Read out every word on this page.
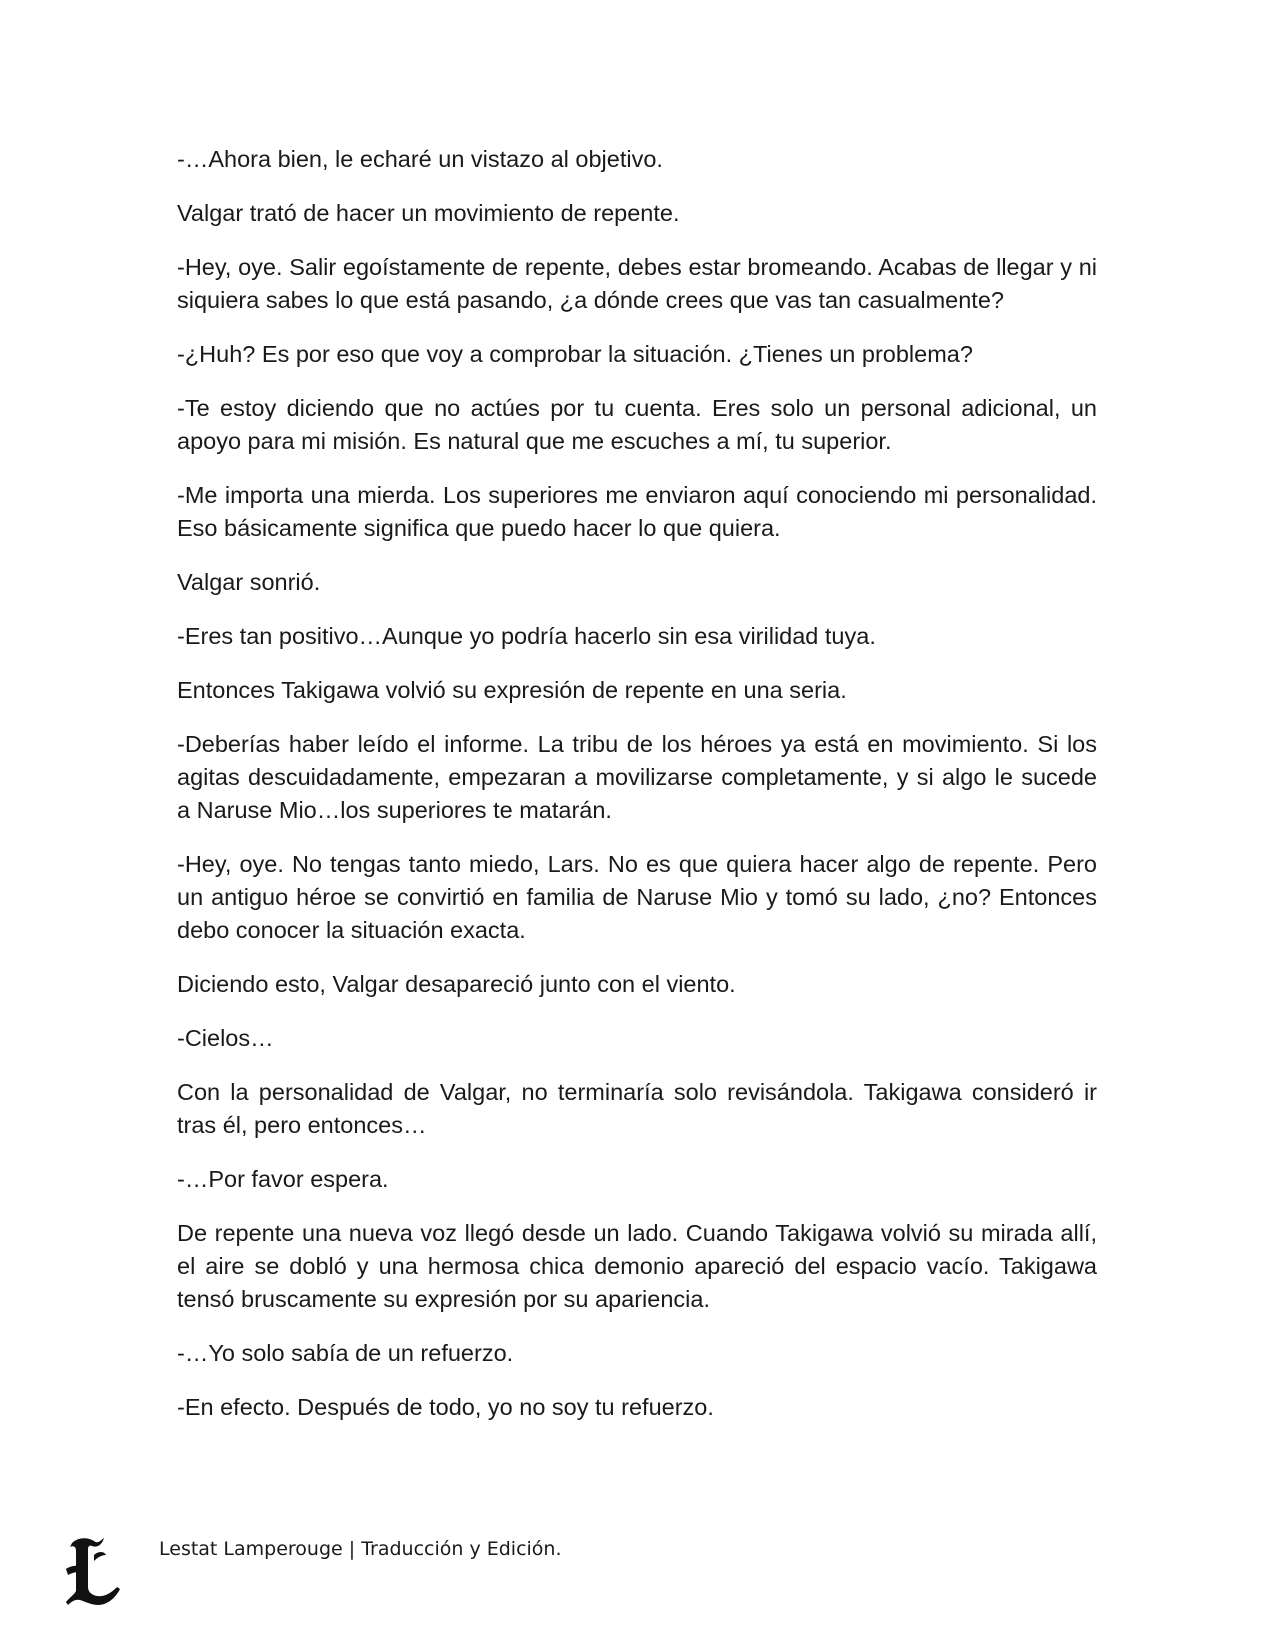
-…Ahora bien, le echaré un vistazo al objetivo.

Valgar trató de hacer un movimiento de repente.

-Hey, oye. Salir egoístamente de repente, debes estar bromeando. Acabas de llegar y ni siquiera sabes lo que está pasando, ¿a dónde crees que vas tan casualmente?

-¿Huh? Es por eso que voy a comprobar la situación. ¿Tienes un problema?

-Te estoy diciendo que no actúes por tu cuenta. Eres solo un personal adicional, un apoyo para mi misión. Es natural que me escuches a mí, tu superior.

-Me importa una mierda. Los superiores me enviaron aquí conociendo mi personalidad. Eso básicamente significa que puedo hacer lo que quiera.

Valgar sonrió.

-Eres tan positivo…Aunque yo podría hacerlo sin esa virilidad tuya.

Entonces Takigawa volvió su expresión de repente en una seria.

-Deberías haber leído el informe. La tribu de los héroes ya está en movimiento. Si los agitas descuidadamente, empezaran a movilizarse completamente, y si algo le sucede a Naruse Mio…los superiores te matarán.

-Hey, oye. No tengas tanto miedo, Lars. No es que quiera hacer algo de repente. Pero un antiguo héroe se convirtió en familia de Naruse Mio y tomó su lado, ¿no? Entonces debo conocer la situación exacta.

Diciendo esto, Valgar desapareció junto con el viento.

-Cielos…

Con la personalidad de Valgar, no terminaría solo revisándola. Takigawa consideró ir tras él, pero entonces…

-…Por favor espera.

De repente una nueva voz llegó desde un lado. Cuando Takigawa volvió su mirada allí, el aire se dobló y una hermosa chica demonio apareció del espacio vacío. Takigawa tensó bruscamente su expresión por su apariencia.

-…Yo solo sabía de un refuerzo.

-En efecto. Después de todo, yo no soy tu refuerzo.

Lestat Lamperouge | Traducción y Edición.
